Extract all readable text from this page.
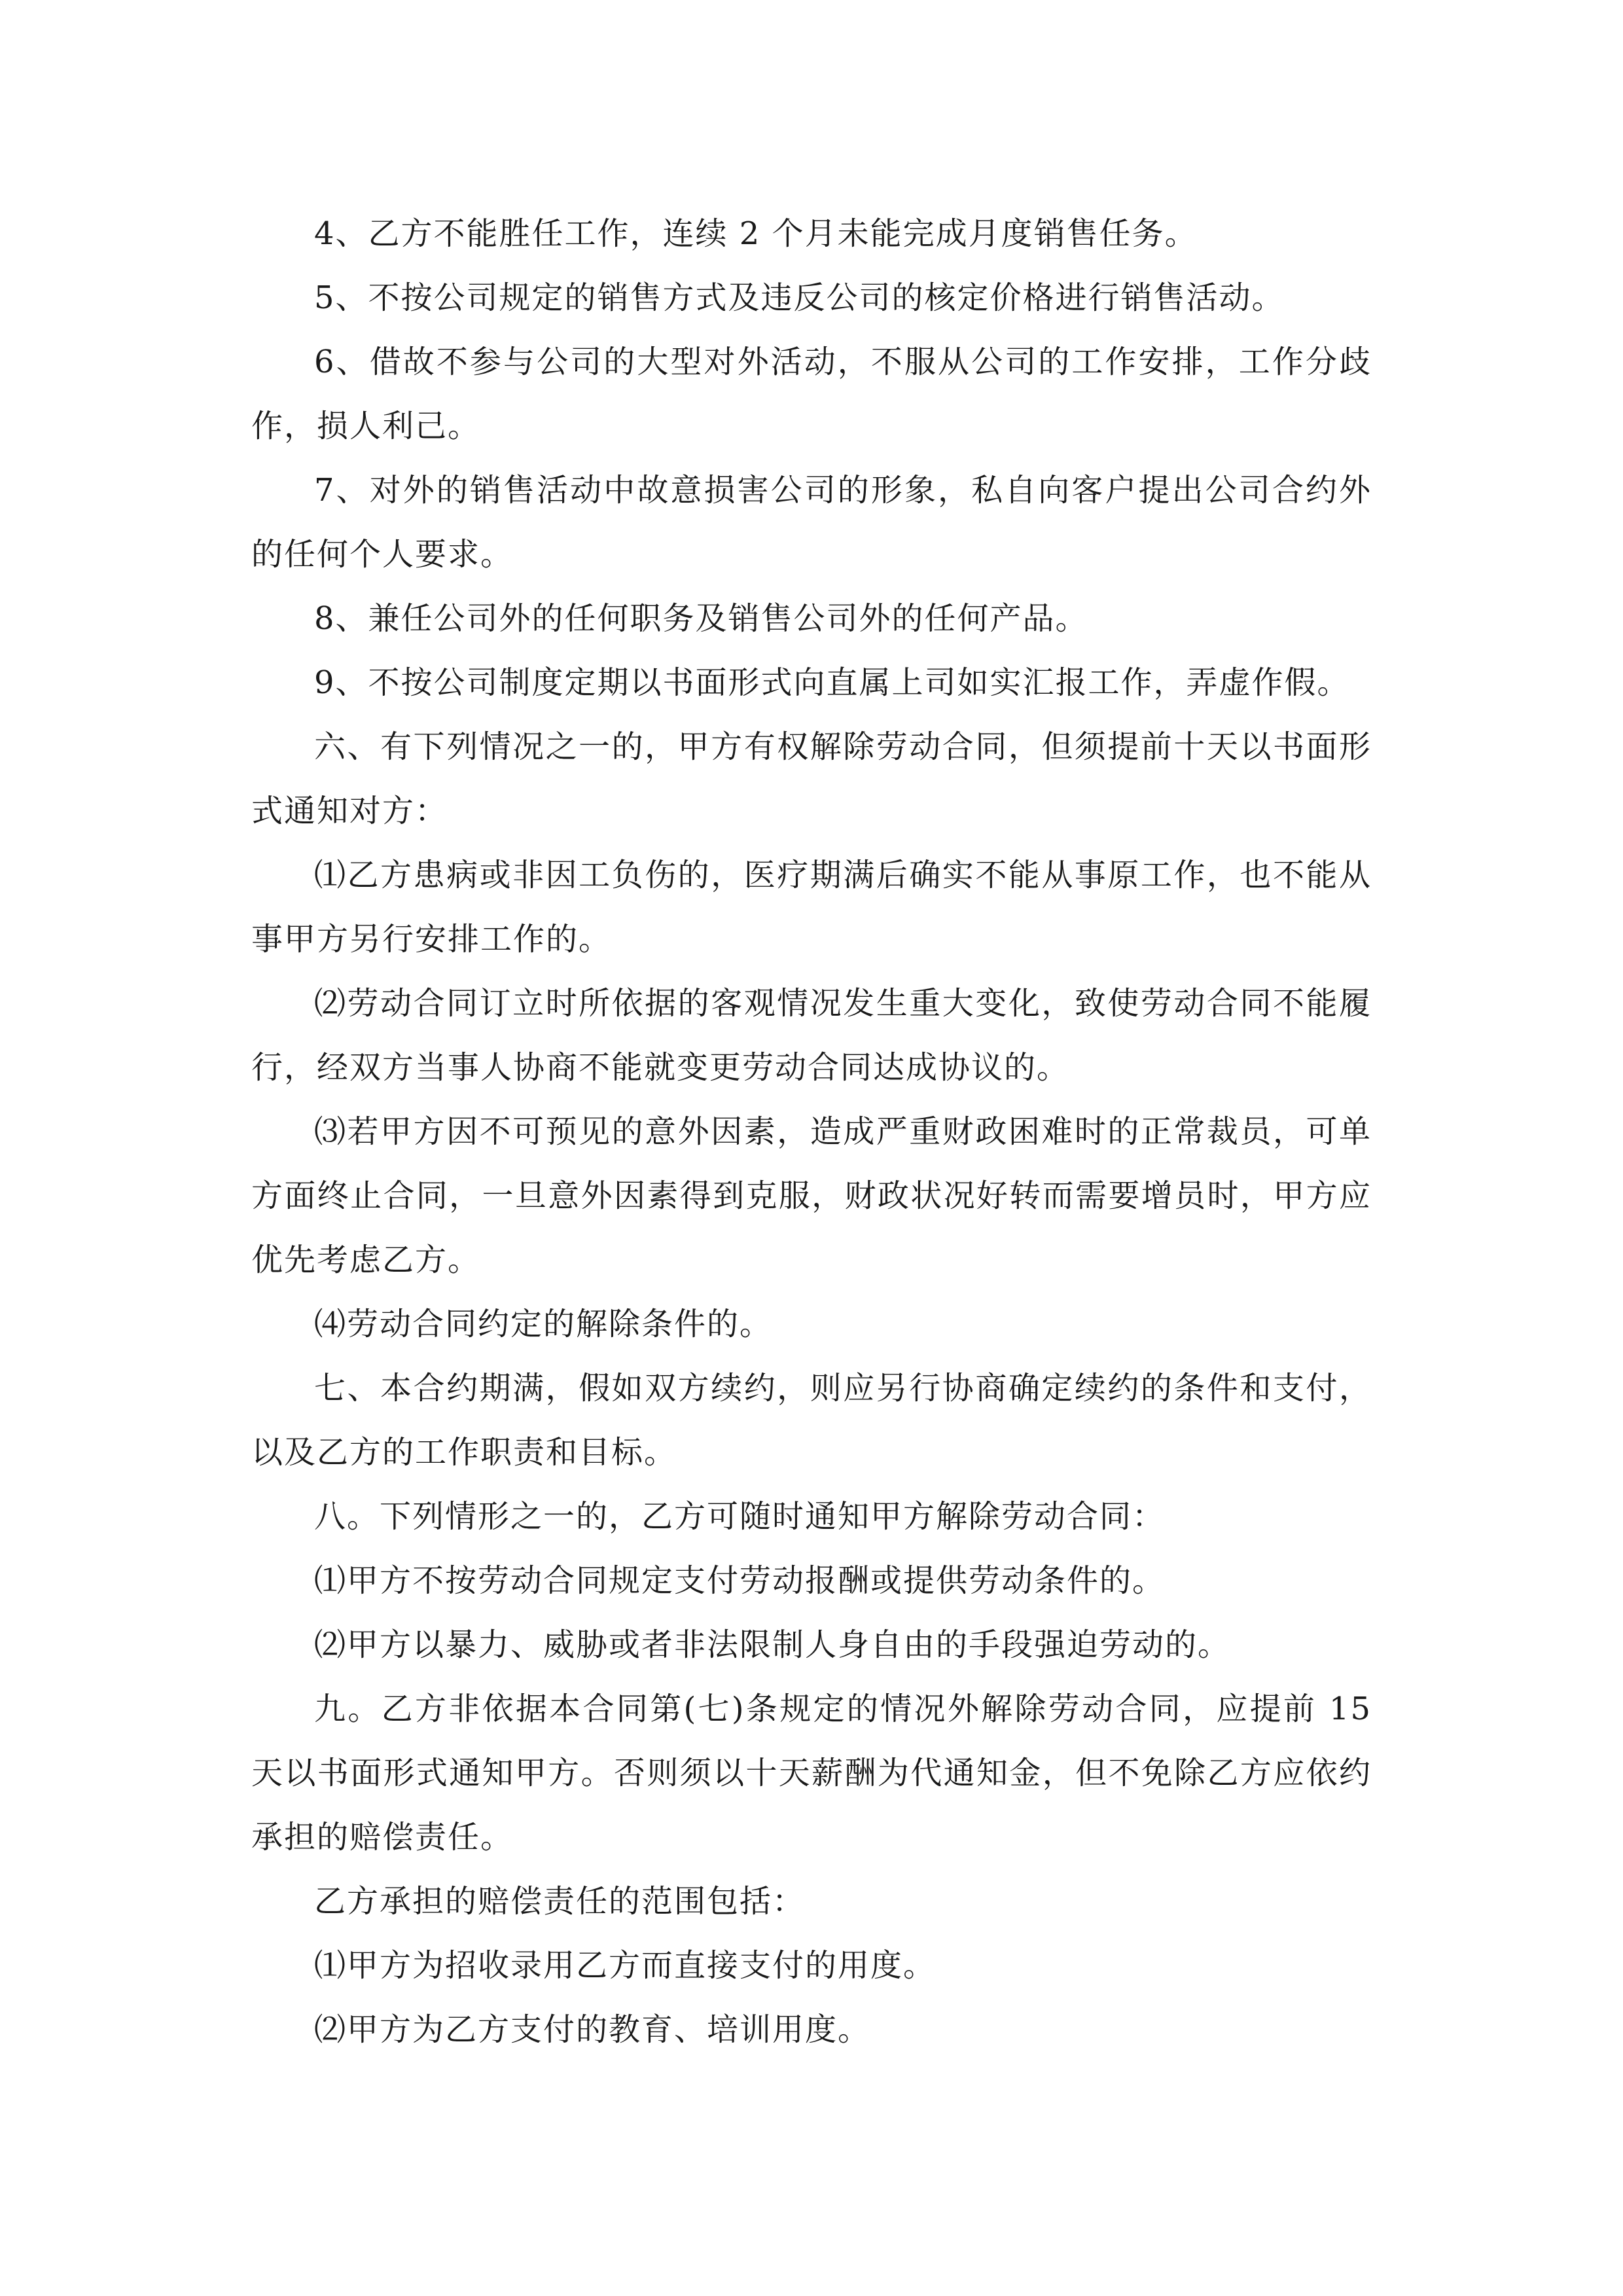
4、乙方不能胜任工作，连续 2 个月未能完成月度销售任务。

5、不按公司规定的销售方式及违反公司的核定价格进行销售活动。

6、借故不参与公司的大型对外活动，不服从公司的工作安排，工作分歧作，损人利己。

7、对外的销售活动中故意损害公司的形象，私自向客户提出公司合约外的任何个人要求。

8、兼任公司外的任何职务及销售公司外的任何产品。

9、不按公司制度定期以书面形式向直属上司如实汇报工作，弄虚作假。

六、有下列情况之一的，甲方有权解除劳动合同，但须提前十天以书面形式通知对方：

⑴乙方患病或非因工负伤的，医疗期满后确实不能从事原工作，也不能从事甲方另行安排工作的。

⑵劳动合同订立时所依据的客观情况发生重大变化，致使劳动合同不能履行，经双方当事人协商不能就变更劳动合同达成协议的。

⑶若甲方因不可预见的意外因素，造成严重财政困难时的正常裁员，可单方面终止合同，一旦意外因素得到克服，财政状况好转而需要增员时，甲方应优先考虑乙方。

⑷劳动合同约定的解除条件的。

七、本合约期满，假如双方续约，则应另行协商确定续约的条件和支付，以及乙方的工作职责和目标。

八。下列情形之一的，乙方可随时通知甲方解除劳动合同：

⑴甲方不按劳动合同规定支付劳动报酬或提供劳动条件的。

⑵甲方以暴力、威胁或者非法限制人身自由的手段强迫劳动的。

九。乙方非依据本合同第(七)条规定的情况外解除劳动合同，应提前 15 天以书面形式通知甲方。否则须以十天薪酬为代通知金，但不免除乙方应依约承担的赔偿责任。

乙方承担的赔偿责任的范围包括：

⑴甲方为招收录用乙方而直接支付的用度。

⑵甲方为乙方支付的教育、培训用度。
